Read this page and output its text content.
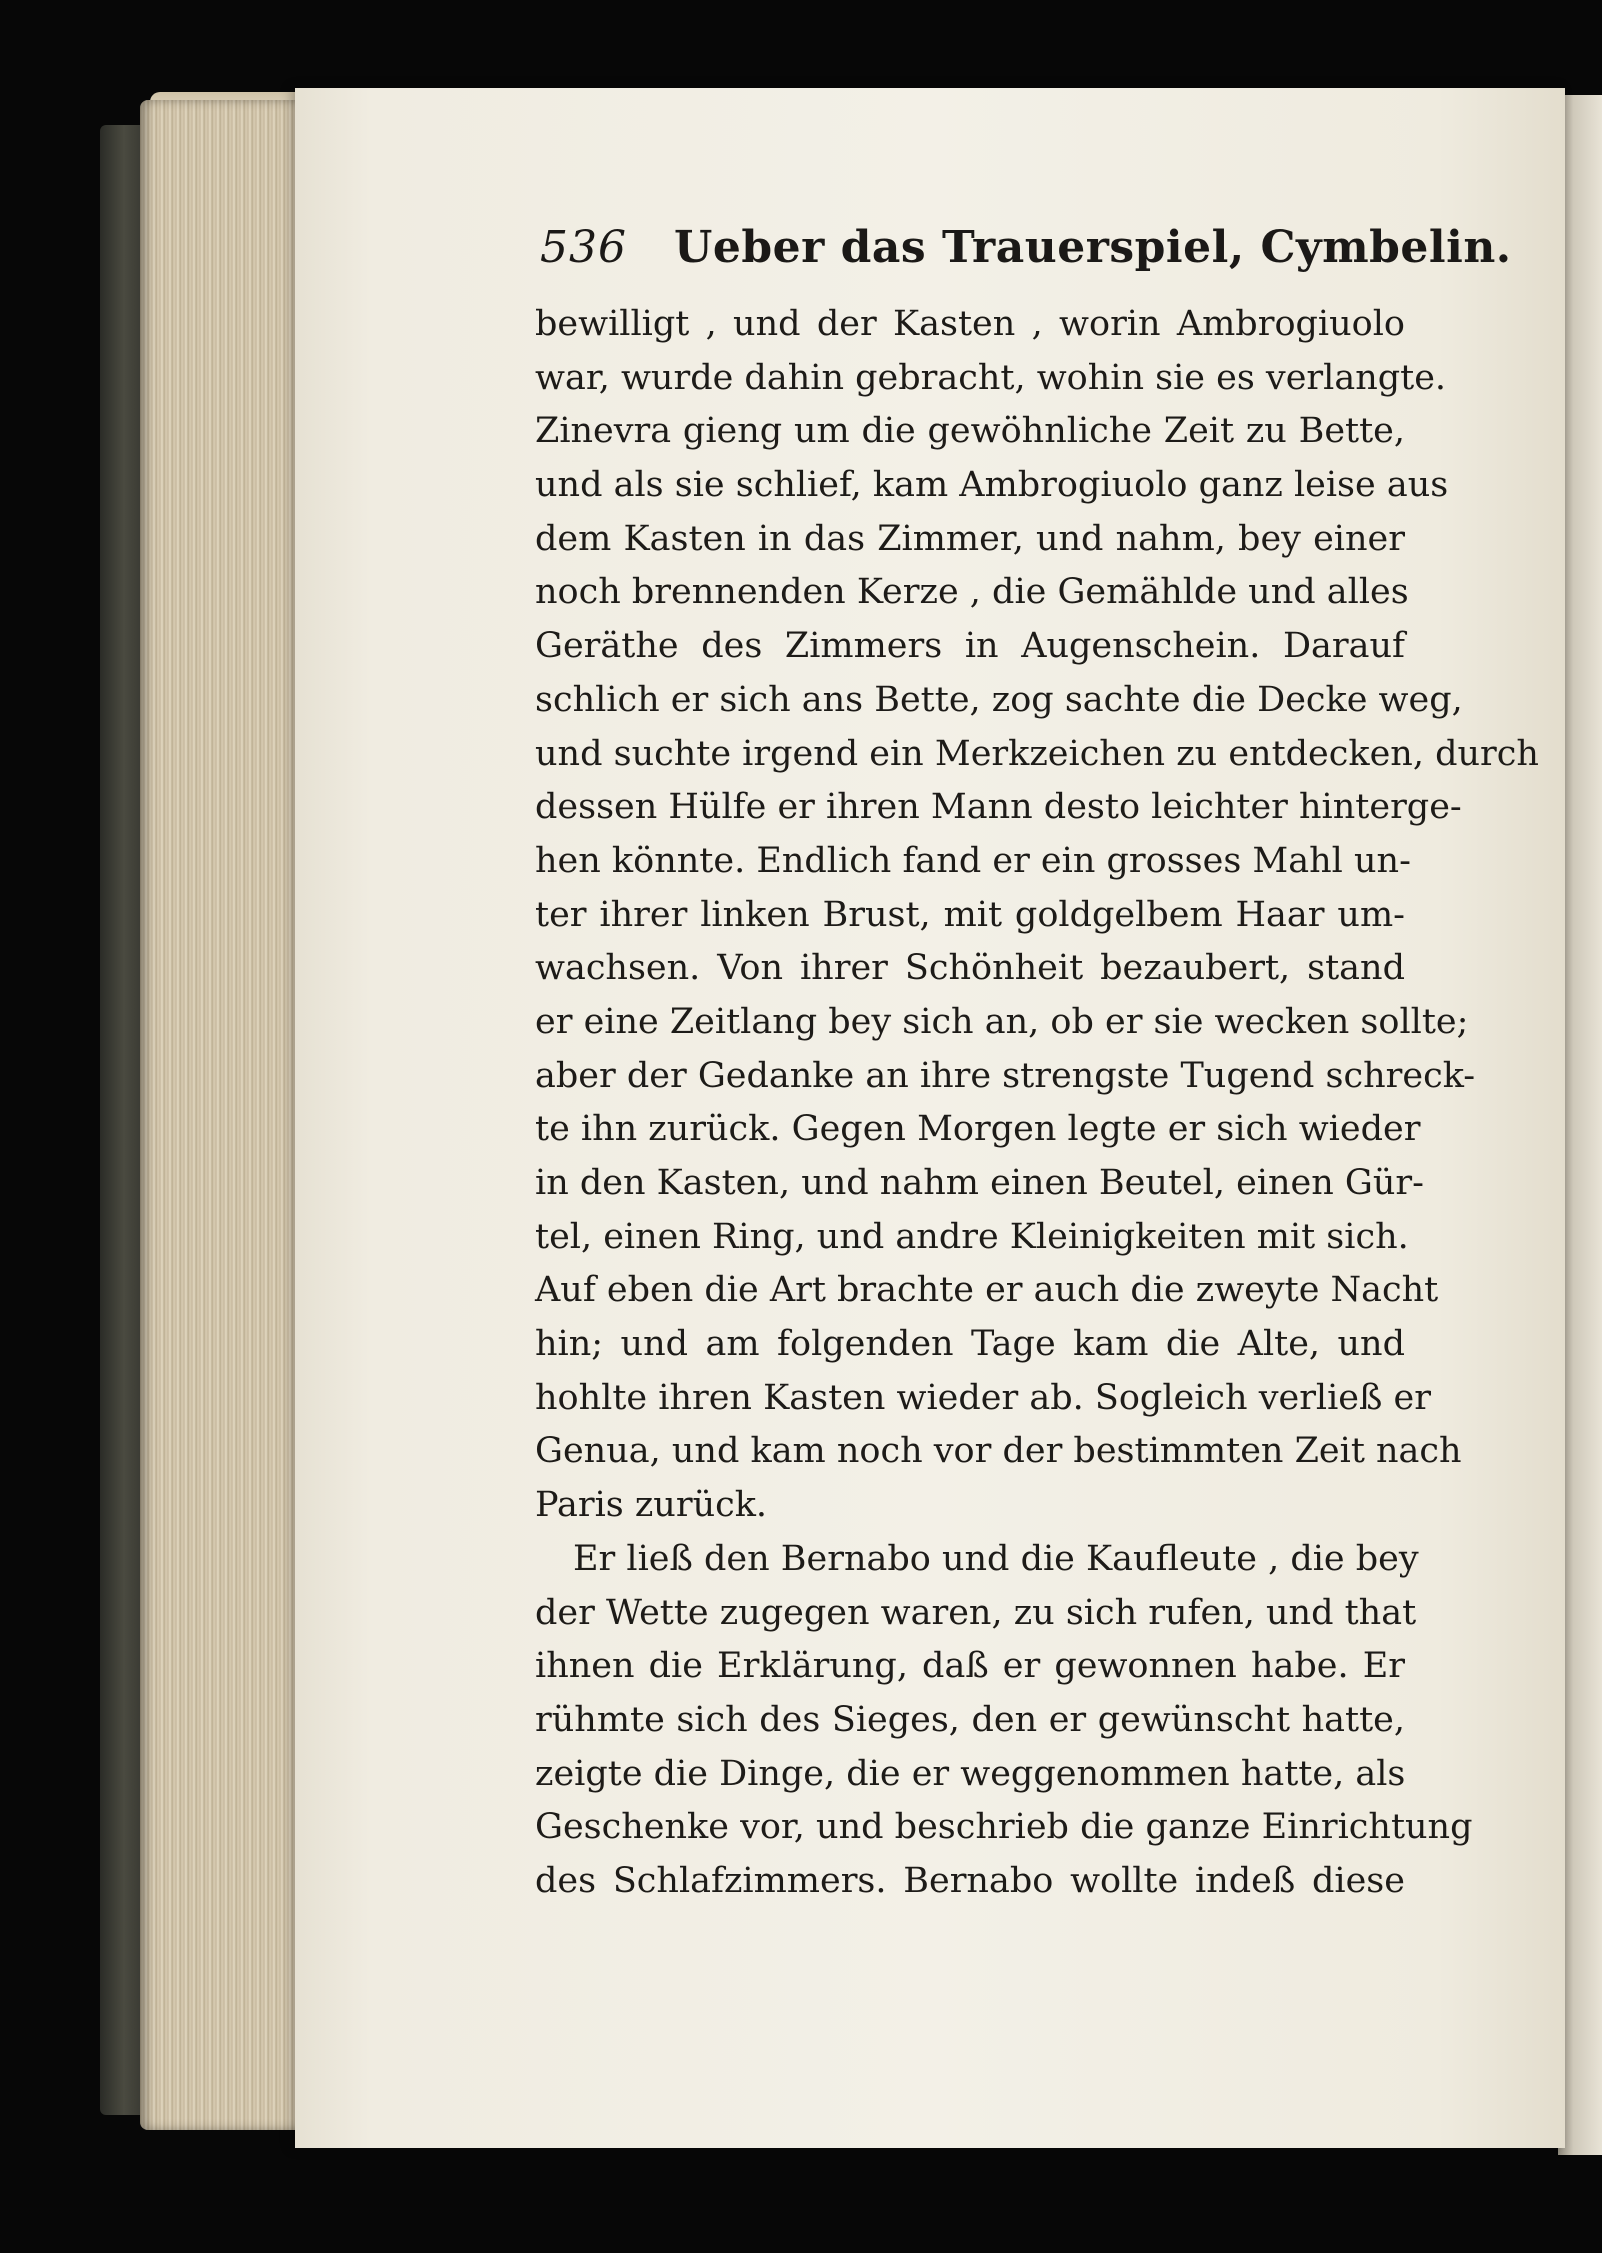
536 Ueber das Trauerspiel, Cymbelin.
bewilligt , und der Kasten , worin Ambrogiuolo
war, wurde dahin gebracht, wohin sie es verlangte.
Zinevra gieng um die gewöhnliche Zeit zu Bette,
und als sie schlief, kam Ambrogiuolo ganz leise aus
dem Kasten in das Zimmer, und nahm, bey einer
noch brennenden Kerze , die Gemählde und alles
Geräthe des Zimmers in Augenschein. Darauf
schlich er sich ans Bette, zog sachte die Decke weg,
und suchte irgend ein Merkzeichen zu entdecken, durch
dessen Hülfe er ihren Mann desto leichter hinterge-
hen könnte. Endlich fand er ein grosses Mahl un-
ter ihrer linken Brust, mit goldgelbem Haar um-
wachsen. Von ihrer Schönheit bezaubert, stand
er eine Zeitlang bey sich an, ob er sie wecken sollte;
aber der Gedanke an ihre strengste Tugend schreck-
te ihn zurück. Gegen Morgen legte er sich wieder
in den Kasten, und nahm einen Beutel, einen Gür-
tel, einen Ring, und andre Kleinigkeiten mit sich.
Auf eben die Art brachte er auch die zweyte Nacht
hin; und am folgenden Tage kam die Alte, und
hohlte ihren Kasten wieder ab. Sogleich verließ er
Genua, und kam noch vor der bestimmten Zeit nach
Paris zurück.
Er ließ den Bernabo und die Kaufleute , die bey
der Wette zugegen waren, zu sich rufen, und that
ihnen die Erklärung, daß er gewonnen habe. Er
rühmte sich des Sieges, den er gewünscht hatte,
zeigte die Dinge, die er weggenommen hatte, als
Geschenke vor, und beschrieb die ganze Einrichtung
des Schlafzimmers. Bernabo wollte indeß diese
